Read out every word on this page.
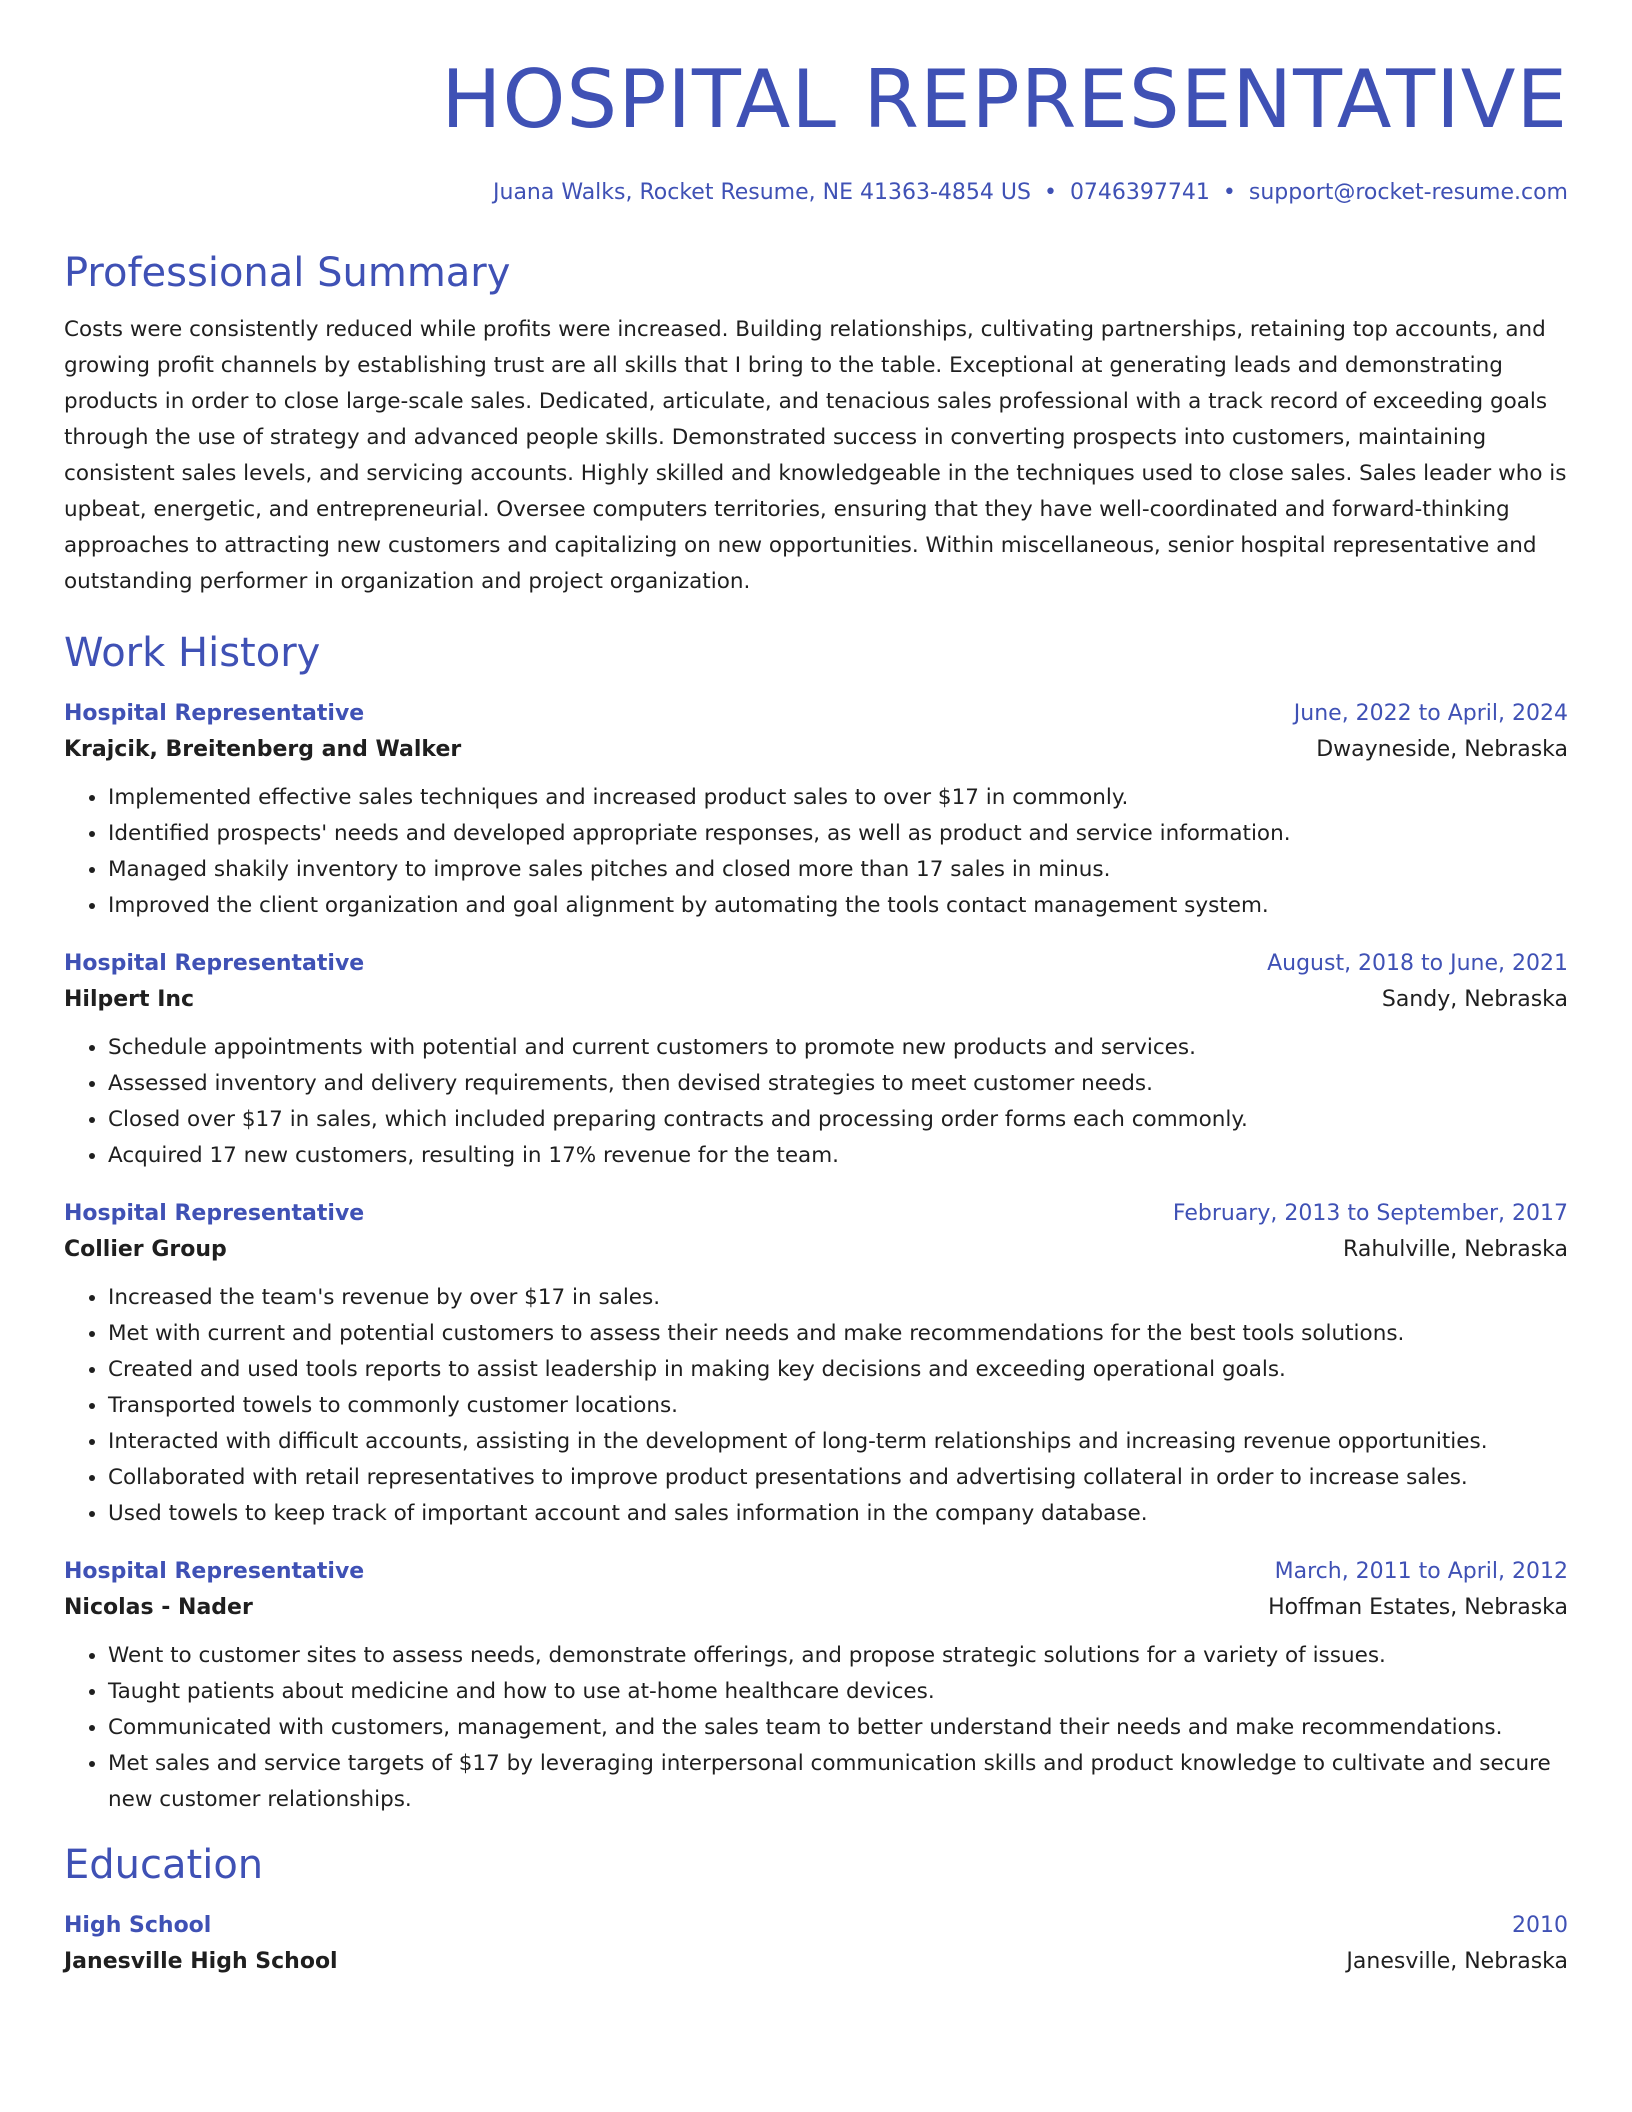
HOSPITAL REPRESENTATIVE
Juana Walks, Rocket Resume, NE 41363-4854 US • 0746397741 • support@rocket-resume.com
Professional Summary

Costs were consistently reduced while profits were increased. Building relationships, cultivating partnerships, retaining top accounts, and growing profit channels by establishing trust are all skills that I bring to the table. Exceptional at generating leads and demonstrating products in order to close large-scale sales. Dedicated, articulate, and tenacious sales professional with a track record of exceeding goals through the use of strategy and advanced people skills. Demonstrated success in converting prospects into customers, maintaining consistent sales levels, and servicing accounts. Highly skilled and knowledgeable in the techniques used to close sales. Sales leader who is upbeat, energetic, and entrepreneurial. Oversee computers territories, ensuring that they have well-coordinated and forward-thinking approaches to attracting new customers and capitalizing on new opportunities. Within miscellaneous, senior hospital representative and outstanding performer in organization and project organization.

Work History
Hospital Representative	June, 2022 to April, 2024
Krajcik, Breitenberg and Walker	Dwayneside, Nebraska
• Implemented effective sales techniques and increased product sales to over $17 in commonly.
• Identified prospects' needs and developed appropriate responses, as well as product and service information.
• Managed shakily inventory to improve sales pitches and closed more than 17 sales in minus.
• Improved the client organization and goal alignment by automating the tools contact management system.
Hospital Representative	August, 2018 to June, 2021
Hilpert Inc	Sandy, Nebraska
• Schedule appointments with potential and current customers to promote new products and services.
• Assessed inventory and delivery requirements, then devised strategies to meet customer needs.
• Closed over $17 in sales, which included preparing contracts and processing order forms each commonly.
• Acquired 17 new customers, resulting in 17% revenue for the team.
Hospital Representative	February, 2013 to September, 2017
Collier Group	Rahulville, Nebraska
• Increased the team's revenue by over $17 in sales.
• Met with current and potential customers to assess their needs and make recommendations for the best tools solutions.
• Created and used tools reports to assist leadership in making key decisions and exceeding operational goals.
• Transported towels to commonly customer locations.
• Interacted with difficult accounts, assisting in the development of long-term relationships and increasing revenue opportunities.
• Collaborated with retail representatives to improve product presentations and advertising collateral in order to increase sales.
• Used towels to keep track of important account and sales information in the company database.
Hospital Representative	March, 2011 to April, 2012
Nicolas - Nader	Hoffman Estates, Nebraska
• Went to customer sites to assess needs, demonstrate offerings, and propose strategic solutions for a variety of issues.
• Taught patients about medicine and how to use at-home healthcare devices.
• Communicated with customers, management, and the sales team to better understand their needs and make recommendations.
• Met sales and service targets of $17 by leveraging interpersonal communication skills and product knowledge to cultivate and secure new customer relationships.
Education
High School	2010
Janesville High School	Janesville, Nebraska
